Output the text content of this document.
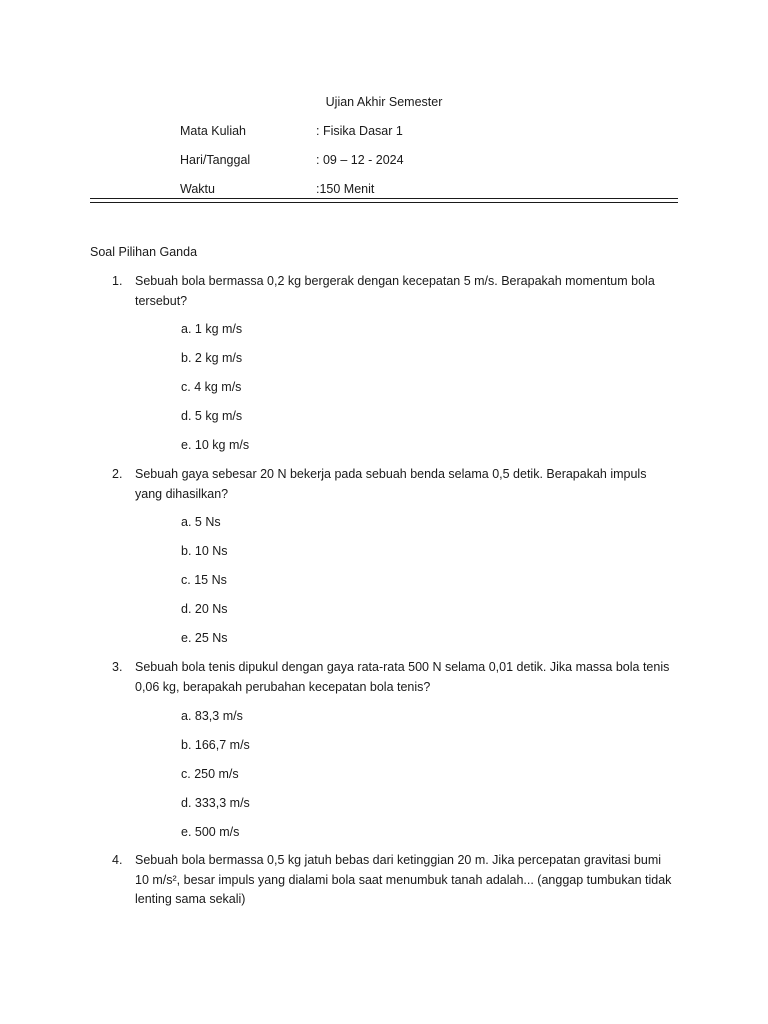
Ujian Akhir Semester
Mata Kuliah	: Fisika Dasar 1
Hari/Tanggal	: 09 – 12 - 2024
Waktu	:150 Menit
Soal Pilihan Ganda
1. Sebuah bola bermassa 0,2 kg bergerak dengan kecepatan 5 m/s. Berapakah momentum bola tersebut?
a. 1 kg m/s
b. 2 kg m/s
c. 4 kg m/s
d. 5 kg m/s
e. 10 kg m/s
2. Sebuah gaya sebesar 20 N bekerja pada sebuah benda selama 0,5 detik. Berapakah impuls yang dihasilkan?
a. 5 Ns
b. 10 Ns
c. 15 Ns
d. 20 Ns
e. 25 Ns
3. Sebuah bola tenis dipukul dengan gaya rata-rata 500 N selama 0,01 detik. Jika massa bola tenis 0,06 kg, berapakah perubahan kecepatan bola tenis?
a. 83,3 m/s
b. 166,7 m/s
c. 250 m/s
d. 333,3 m/s
e. 500 m/s
4. Sebuah bola bermassa 0,5 kg jatuh bebas dari ketinggian 20 m. Jika percepatan gravitasi bumi 10 m/s², besar impuls yang dialami bola saat menumbuk tanah adalah... (anggap tumbukan tidak lenting sama sekali)
